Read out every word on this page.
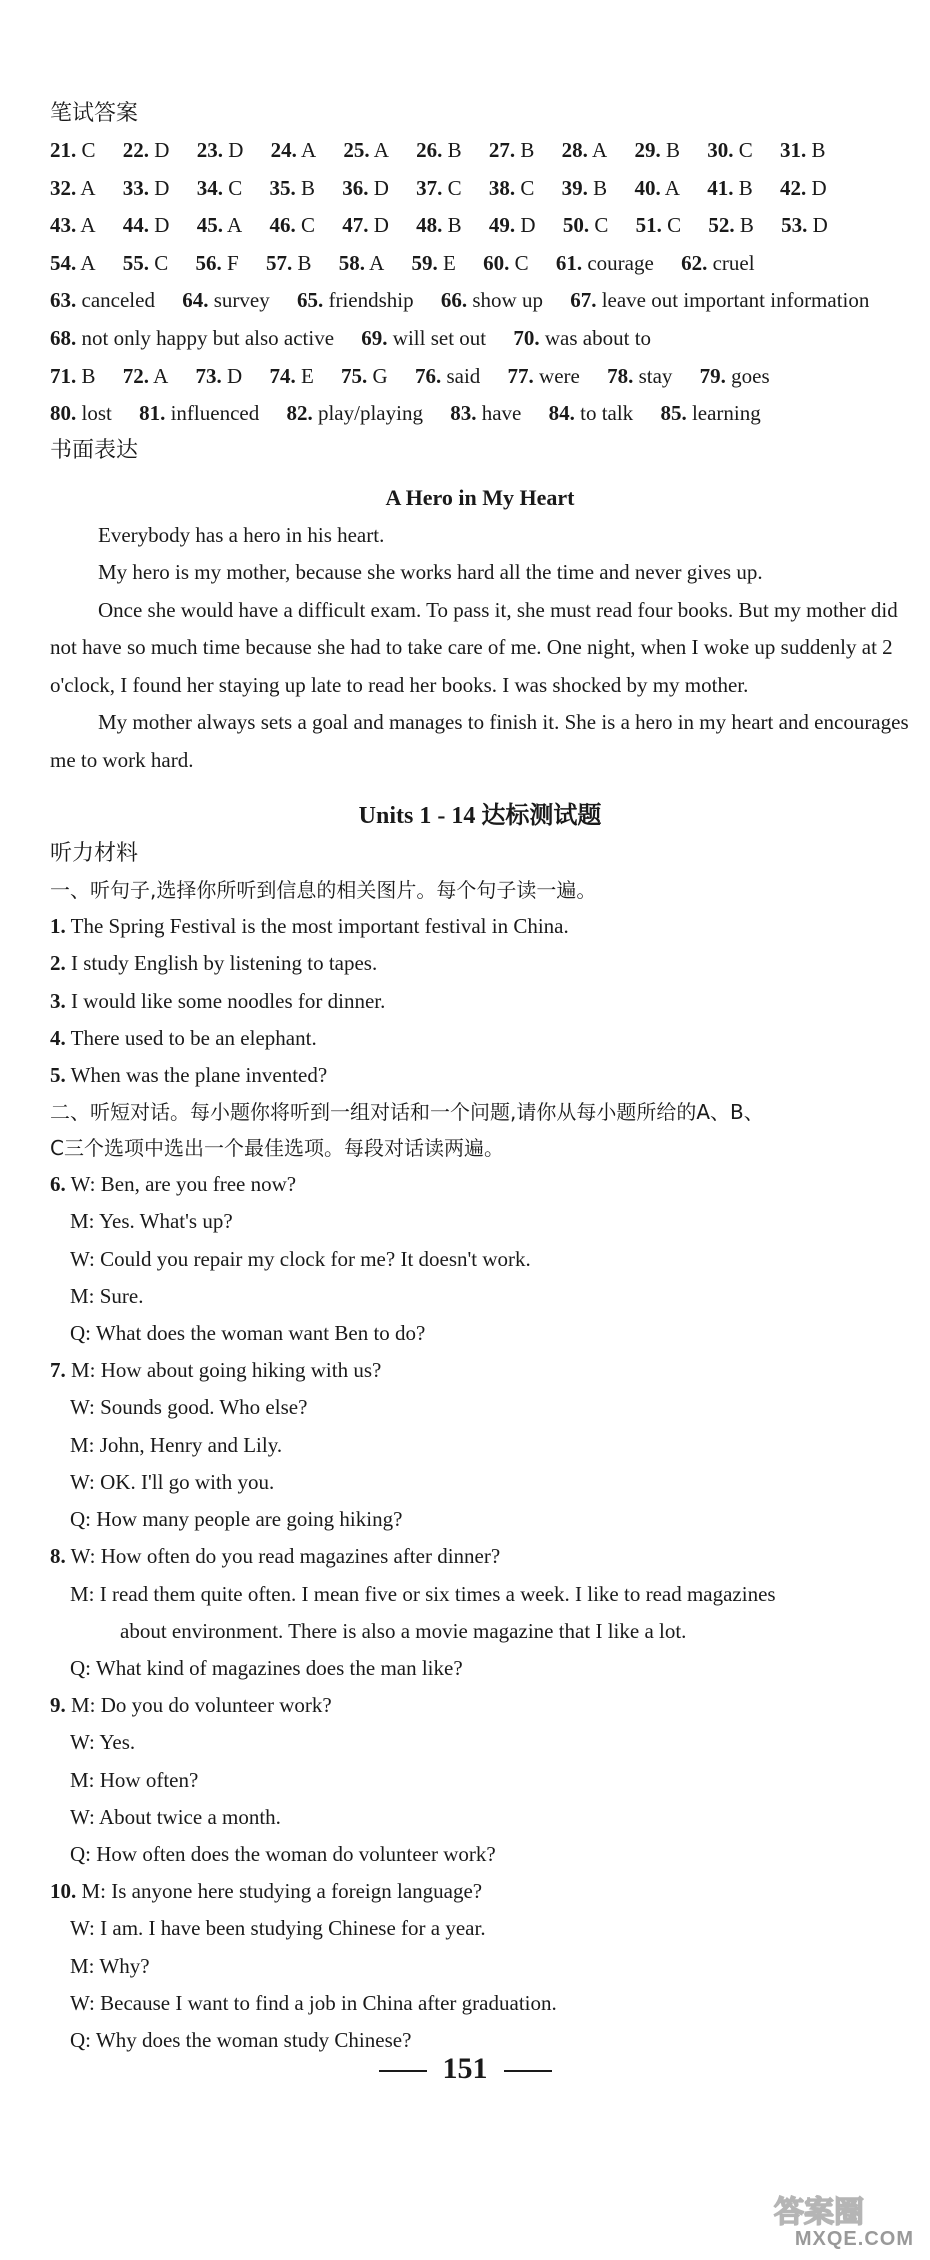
笔试答案
21. C 22. D 23. D 24. A 25. A 26. B 27. B 28. A 29. B 30. C 31. B
32. A 33. D 34. C 35. B 36. D 37. C 38. C 39. B 40. A 41. B 42. D
43. A 44. D 45. A 46. C 47. D 48. B 49. D 50. C 51. C 52. B 53. D
54. A 55. C 56. F 57. B 58. A 59. E 60. C 61. courage 62. cruel
63. canceled 64. survey 65. friendship 66. show up 67. leave out important information 68. not only happy but also active 69. will set out 70. was about to
71. B 72. A 73. D 74. E 75. G 76. said 77. were 78. stay 79. goes
80. lost 81. influenced 82. play/playing 83. have 84. to talk 85. learning
书面表达
A Hero in My Heart

Everybody has a hero in his heart.

My hero is my mother, because she works hard all the time and never gives up.

Once she would have a difficult exam. To pass it, she must read four books. But my mother did not have so much time because she had to take care of me. One night, when I woke up suddenly at 2 o'clock, I found her staying up late to read her books. I was shocked by my mother.

My mother always sets a goal and manages to finish it. She is a hero in my heart and encourages me to work hard.

Units 1 - 14 达标测试题
听力材料
一、听句子,选择你所听到信息的相关图片。每个句子读一遍。
1. The Spring Festival is the most important festival in China.
2. I study English by listening to tapes.
3. I would like some noodles for dinner.
4. There used to be an elephant.
5. When was the plane invented?
二、听短对话。每小题你将听到一组对话和一个问题,请你从每小题所给的A、B、
C三个选项中选出一个最佳选项。每段对话读两遍。
6. W: Ben, are you free now?
M: Yes. What's up?
W: Could you repair my clock for me? It doesn't work.
M: Sure.
Q: What does the woman want Ben to do?
7. M: How about going hiking with us?
W: Sounds good. Who else?
M: John, Henry and Lily.
W: OK. I'll go with you.
Q: How many people are going hiking?
8. W: How often do you read magazines after dinner?
M: I read them quite often. I mean five or six times a week. I like to read magazines
about environment. There is also a movie magazine that I like a lot.
Q: What kind of magazines does the man like?
9. M: Do you do volunteer work?
W: Yes.
M: How often?
W: About twice a month.
Q: How often does the woman do volunteer work?
10. M: Is anyone here studying a foreign language?
W: I am. I have been studying Chinese for a year.
M: Why?
W: Because I want to find a job in China after graduation.
Q: Why does the woman study Chinese?
151
答案圈
MXQE.COM
